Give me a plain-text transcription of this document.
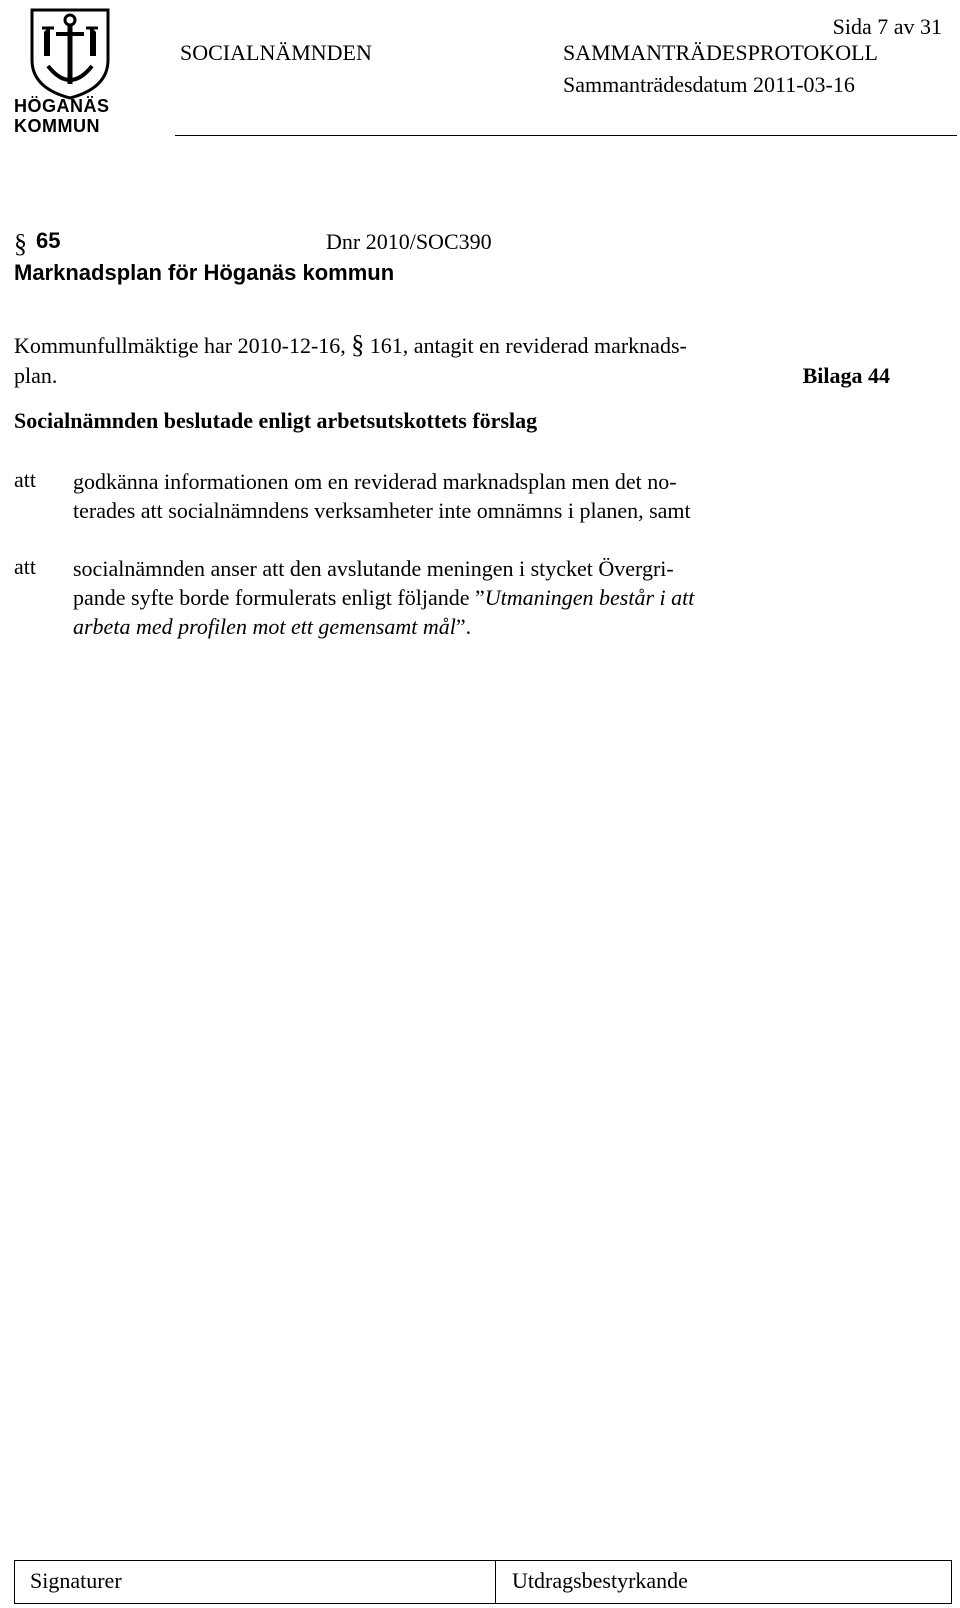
HÖGANÄS
KOMMUN
Sida 7 av 31
SOCIALNÄMNDEN	SAMMANTRÄDESPROTOKOLL
Sammanträdesdatum 2011-03-16
§ 65	Dnr 2010/SOC390
Marknadsplan för Höganäs kommun
Kommunfullmäktige har 2010-12-16, § 161, antagit en reviderad marknads-
plan.	Bilaga 44
Socialnämnden beslutade enligt arbetsutskottets förslag
att godkänna informationen om en reviderad marknadsplan men det no-
terades att socialnämndens verksamheter inte omnämns i planen, samt
att socialnämnden anser att den avslutande meningen i stycket Övergri-
pande syfte borde formulerats enligt följande ”Utmaningen består i att
arbeta med profilen mot ett gemensamt mål”.
Signaturer	Utdragsbestyrkande
